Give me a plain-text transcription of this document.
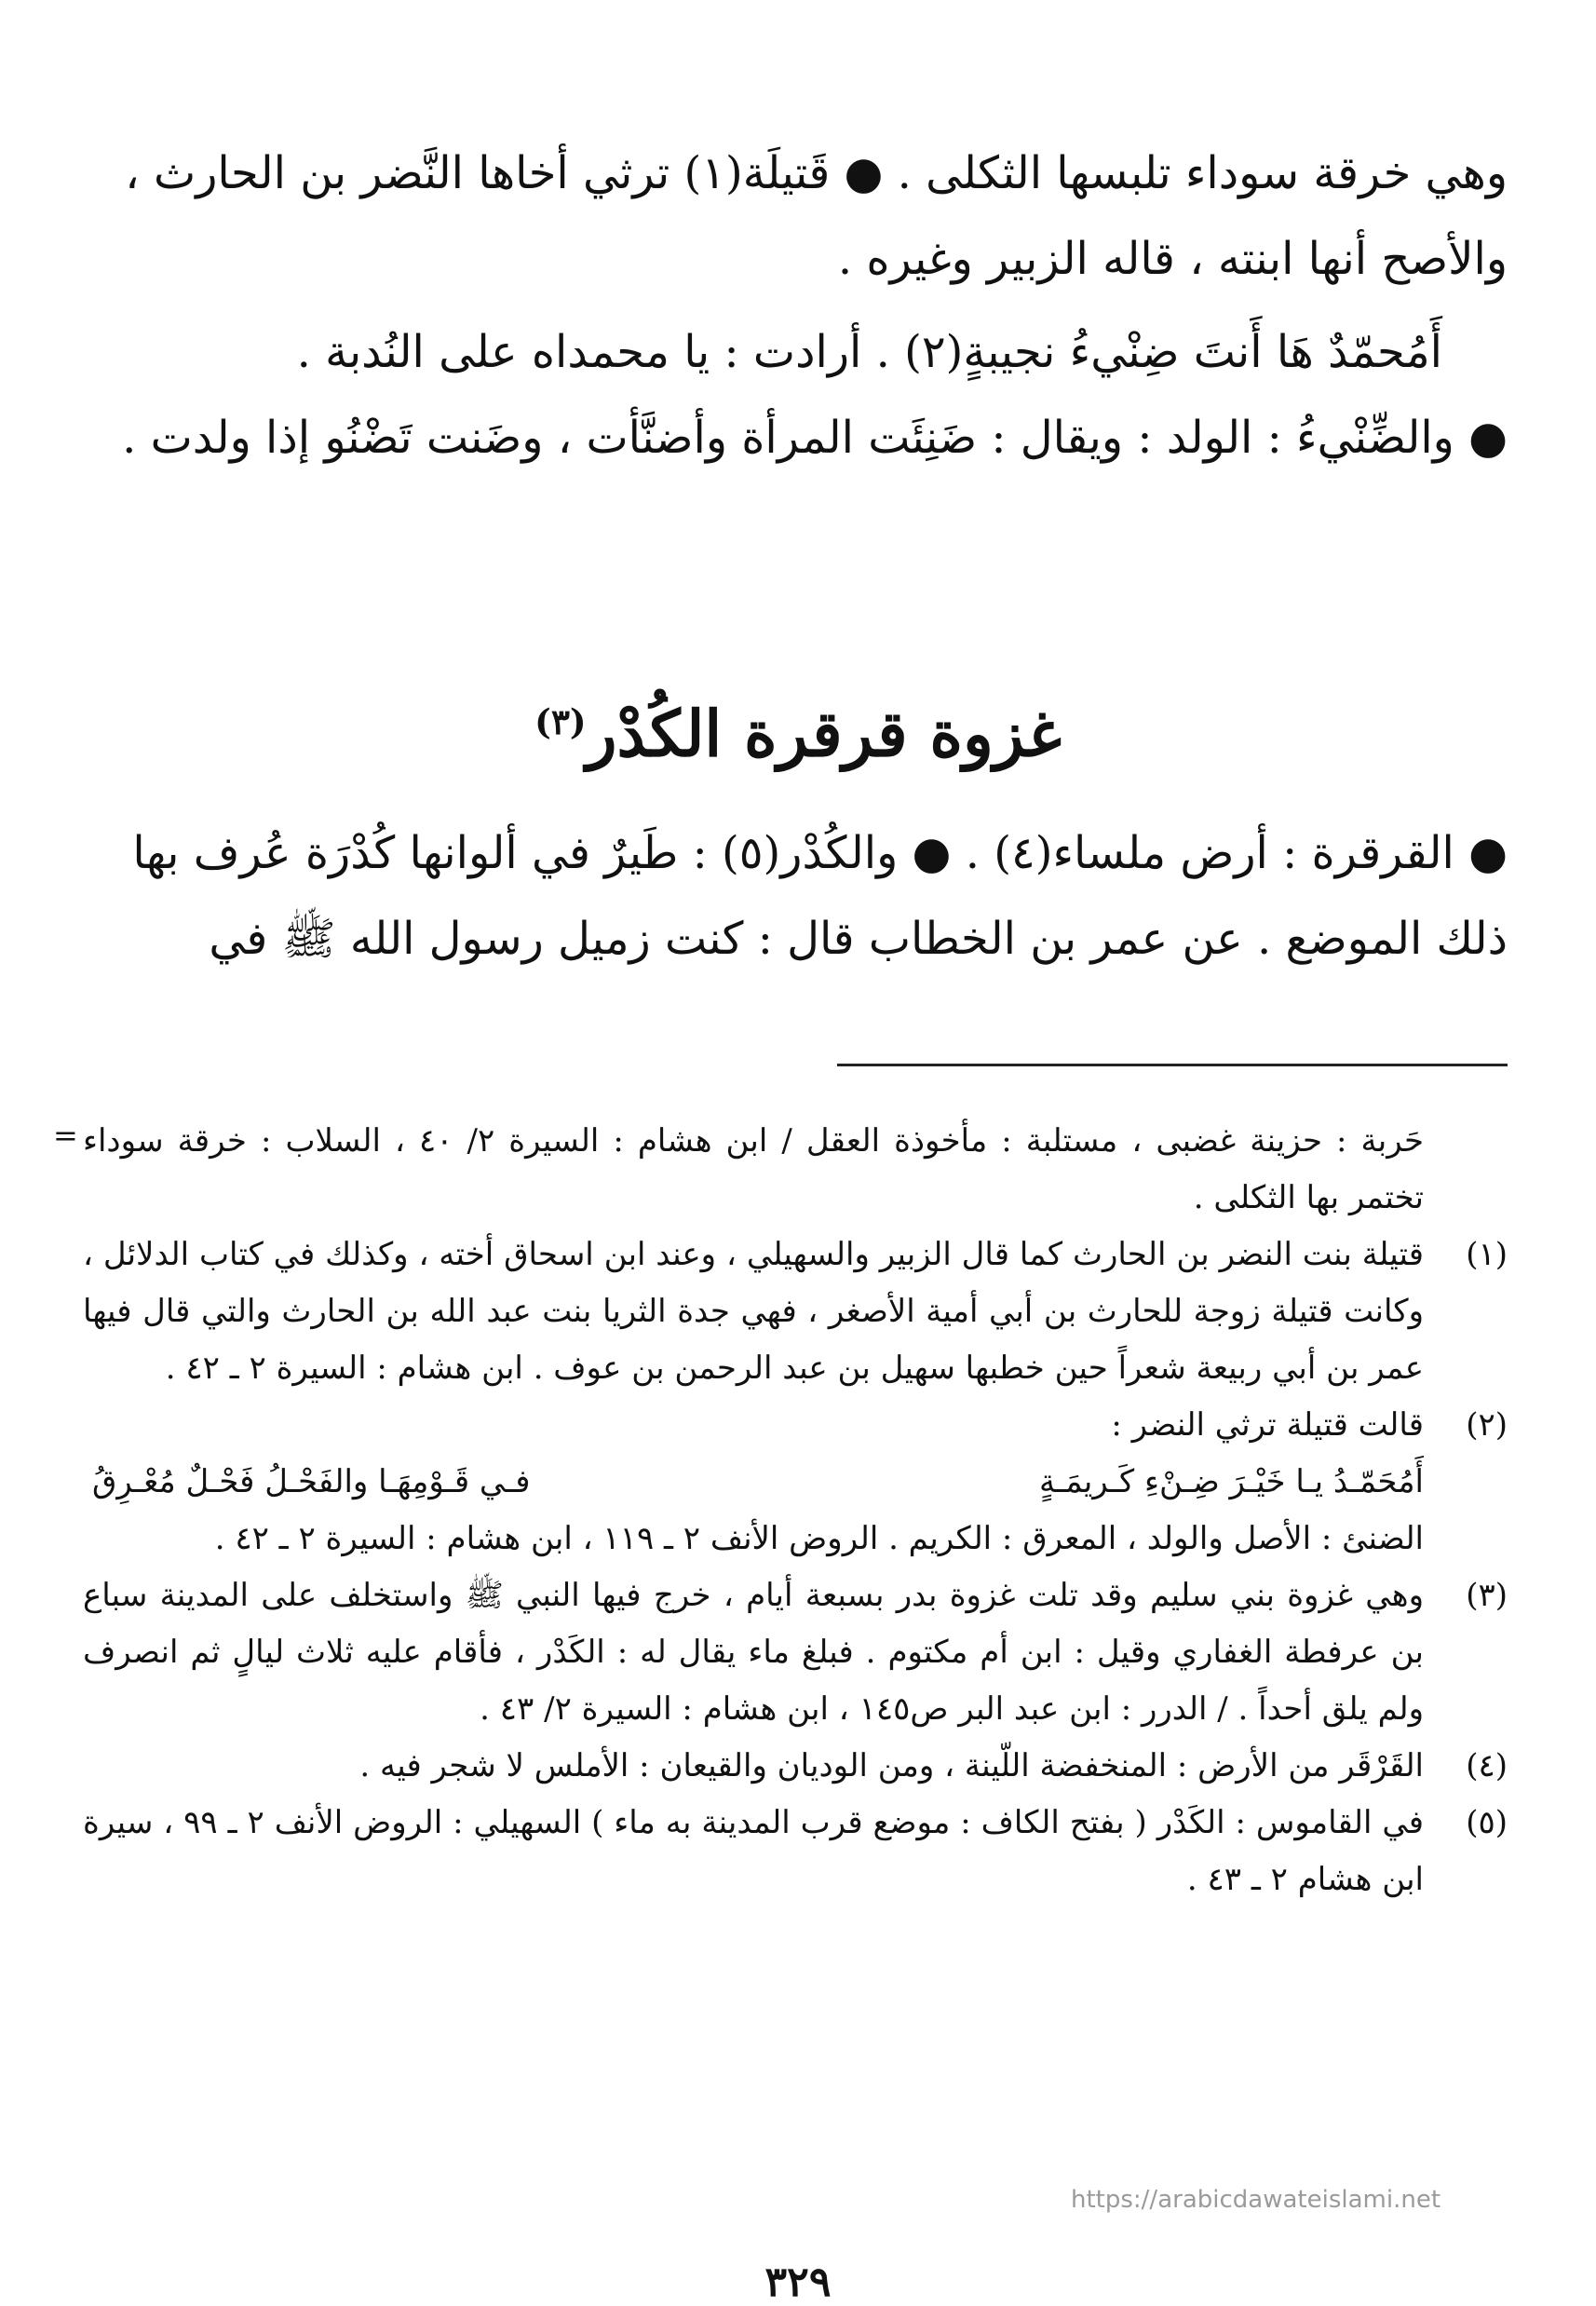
وهي خرقة سوداء تلبسها الثكلى . ● قَتيلَة(١) ترثي أخاها النَّضر بن الحارث ، والأصح أنها ابنته ، قاله الزبير وغيره .

أَمُحمّدٌ هَا أَنتَ ضِنْيءُ نجيبةٍ(٢) . أرادت : يا محمداه على النُدبة .

● والضِّنْيءُ : الولد : ويقال : ضَنِئَت المرأة وأضنَّأت ، وضَنت تَضْنُو إذا ولدت .

غزوة قرقرة الكُدْر$^{(٣)}$

● القرقرة : أرض ملساء(٤) . ● والكُدْر(٥) : طَيرٌ في ألوانها كُدْرَة عُرف بها ذلك الموضع . عن عمر بن الخطاب قال : كنت زميل رسول الله ﷺ في

= حَربة : حزينة غضبى ، مستلبة : مأخوذة العقل / ابن هشام : السيرة ٢/ ٤٠ ، السلاب : خرقة سوداء تختمر بها الثكلى .
(١)
قتيلة بنت النضر بن الحارث كما قال الزبير والسهيلي ، وعند ابن اسحاق أخته ، وكذلك في كتاب الدلائل ، وكانت قتيلة زوجة للحارث بن أبي أمية الأصغر ، فهي جدة الثريا بنت عبد الله بن الحارث والتي قال فيها عمر بن أبي ربيعة شعراً حين خطبها سهيل بن عبد الرحمن بن عوف . ابن هشام : السيرة ٢ ـ ٤٢ .
(٢)
قالت قتيلة ترثي النضر :
أَمُحَمّـدُ يـا خَيْـرَ ضِـنْءِ كَـريمَـةٍ
فـي قَـوْمِهَـا والفَحْـلُ فَحْـلٌ مُعْـرِقُ
الضنئ : الأصل والولد ، المعرق : الكريم . الروض الأنف ٢ ـ ١١٩ ، ابن هشام : السيرة ٢ ـ ٤٢ .
(٣)
وهي غزوة بني سليم وقد تلت غزوة بدر بسبعة أيام ، خرج فيها النبي ﷺ واستخلف على المدينة سباع بن عرفطة الغفاري وقيل : ابن أم مكتوم . فبلغ ماء يقال له : الكَدْر ، فأقام عليه ثلاث ليالٍ ثم انصرف ولم يلق أحداً . / الدرر : ابن عبد البر ص١٤٥ ، ابن هشام : السيرة ٢/ ٤٣ .
(٤)
القَرْقَر من الأرض : المنخفضة اللّينة ، ومن الوديان والقيعان : الأملس لا شجر فيه .
(٥)
في القاموس : الكَدْر ( بفتح الكاف : موضع قرب المدينة به ماء ) السهيلي : الروض الأنف ٢ ـ ٩٩ ، سيرة ابن هشام ٢ ـ ٤٣ .
https://arabicdawateislami.net
٣٢٩
